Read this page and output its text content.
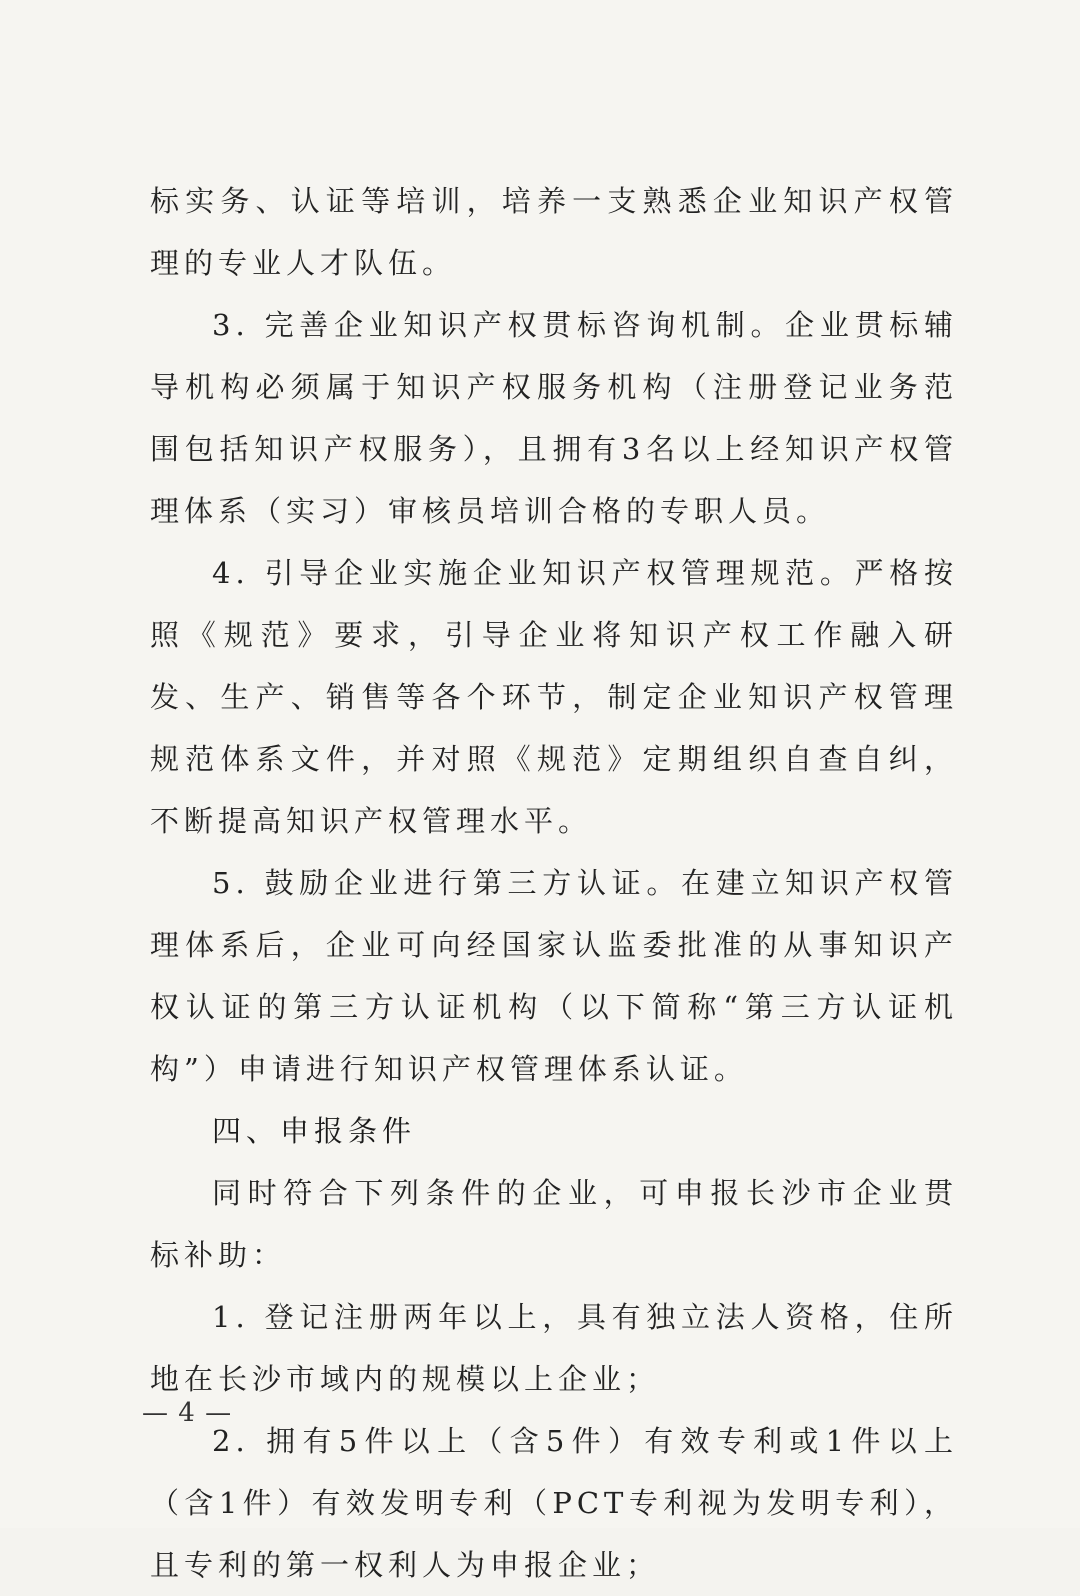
标实务、认证等培训，培养一支熟悉企业知识产权管理的专业人才队伍。

3. 完善企业知识产权贯标咨询机制。企业贯标辅导机构必须属于知识产权服务机构（注册登记业务范围包括知识产权服务），且拥有3名以上经知识产权管理体系（实习）审核员培训合格的专职人员。

4. 引导企业实施企业知识产权管理规范。严格按照《规范》要求，引导企业将知识产权工作融入研发、生产、销售等各个环节，制定企业知识产权管理规范体系文件，并对照《规范》定期组织自查自纠，不断提高知识产权管理水平。

5. 鼓励企业进行第三方认证。在建立知识产权管理体系后，企业可向经国家认监委批准的从事知识产权认证的第三方认证机构（以下简称“第三方认证机构”）申请进行知识产权管理体系认证。

四、申报条件

同时符合下列条件的企业，可申报长沙市企业贯标补助：

1. 登记注册两年以上，具有独立法人资格，住所地在长沙市域内的规模以上企业；

2. 拥有5件以上（含5件）有效专利或1件以上（含1件）有效发明专利（PCT专利视为发明专利），且专利的第一权利人为申报企业；

— 4 —
